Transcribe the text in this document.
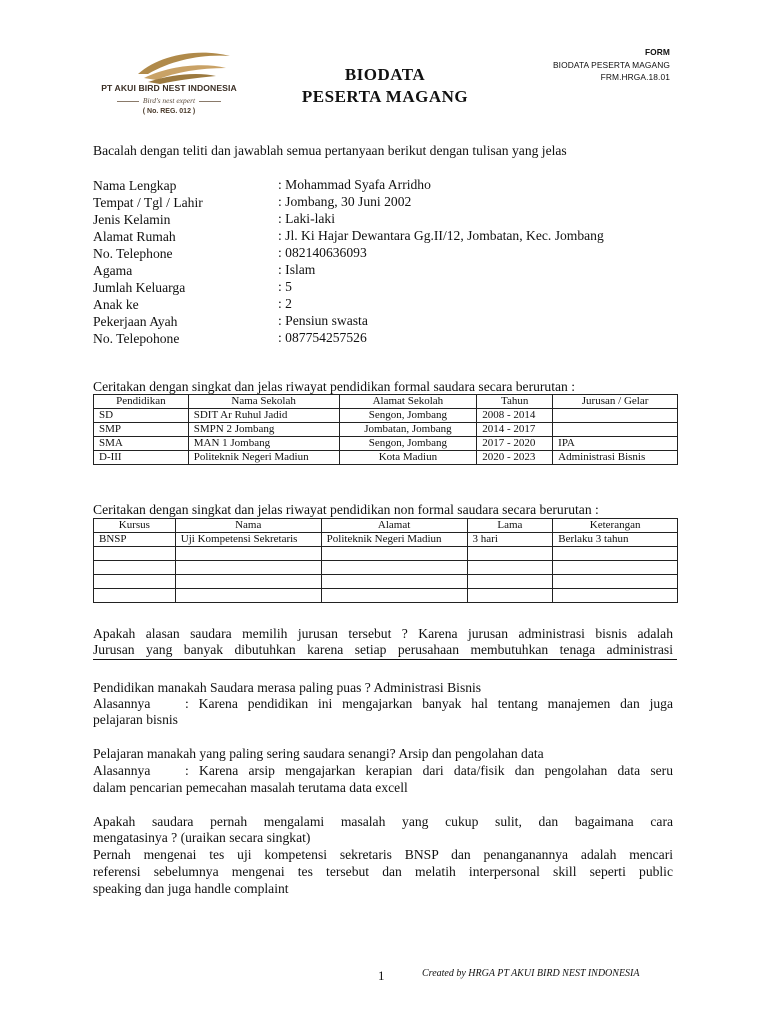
PT AKUI BIRD NEST INDONESIA
Bird's nest expert
( No. REG. 012 )
BIODATA
PESERTA MAGANG
FORM
BIODATA PESERTA MAGANG
FRM.HRGA.18.01
Bacalah dengan teliti dan jawablah semua pertanyaan berikut dengan tulisan yang jelas
Nama Lengkap	: Mohammad Syafa Arridho
Tempat / Tgl / Lahir	: Jombang, 30 Juni 2002
Jenis Kelamin	: Laki-laki
Alamat Rumah	: Jl. Ki Hajar Dewantara Gg.II/12, Jombatan, Kec. Jombang
No. Telephone	: 082140636093
Agama	: Islam
Jumlah Keluarga	: 5
Anak ke	: 2
Pekerjaan Ayah	: Pensiun swasta
No. Telepohone	: 087754257526
Ceritakan dengan singkat dan jelas riwayat pendidikan formal saudara secara berurutan :
Pendidikan	Nama Sekolah	Alamat Sekolah	Tahun	Jurusan / Gelar
SD	SDIT Ar Ruhul Jadid	Sengon, Jombang	2008 - 2014	
SMP	SMPN 2 Jombang	Jombatan, Jombang	2014 - 2017	
SMA	MAN 1 Jombang	Sengon, Jombang	2017 - 2020	IPA
D-III	Politeknik Negeri Madiun	Kota Madiun	2020 - 2023	Administrasi Bisnis
Ceritakan dengan singkat dan jelas riwayat pendidikan non formal saudara secara berurutan :
Kursus	Nama	Alamat	Lama	Keterangan
BNSP	Uji Kompetensi Sekretaris	Politeknik Negeri Madiun	3 hari	Berlaku 3 tahun

Apakah alasan saudara memilih jurusan tersebut ? Karena jurusan administrasi bisnis adalah
Jurusan yang banyak dibutuhkan karena setiap perusahaan membutuhkan tenaga administrasi
Pendidikan manakah Saudara merasa paling puas ? Administrasi Bisnis
Alasannya	: Karena pendidikan ini mengajarkan banyak hal tentang manajemen dan juga
pelajaran bisnis
Pelajaran manakah yang paling sering saudara senangi? Arsip dan pengolahan data
Alasannya	: Karena arsip mengajarkan kerapian dari data/fisik dan pengolahan data seru
dalam pencarian pemecahan masalah terutama data excell
Apakah saudara pernah mengalami masalah yang cukup sulit, dan bagaimana cara
mengatasinya ? (uraikan secara singkat)
Pernah mengenai tes uji kompetensi sekretaris BNSP dan penanganannya adalah mencari
referensi sebelumnya mengenai tes tersebut dan melatih interpersonal skill seperti public
speaking dan juga handle complaint
1	Created by HRGA PT AKUI BIRD NEST INDONESIA
